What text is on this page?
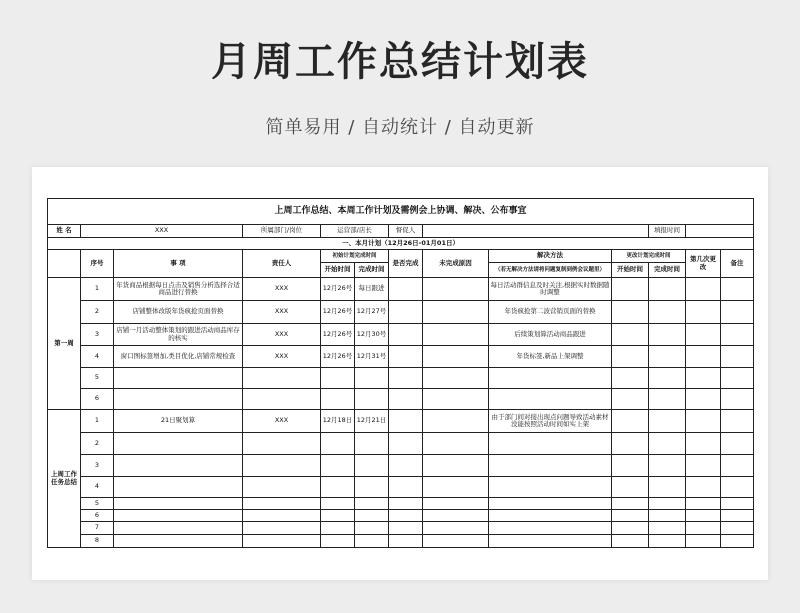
月周工作总结计划表
简单易用 / 自动统计 / 自动更新
上周工作总结、本周工作计划及需例会上协调、解决、公布事宜												
姓 名	XXX		所属部门/岗位	运营部/店长		督促人				填报时间		
一、本月计划（12月26日-01月01日）												
	序号	事 项	责任人	初始计划完成时间		是否完成	未完成原因	解决方法	更改计划完成时间		第几次更改	备注
				开始时间	完成时间			（若无解决方法请将问题复制到例会议题里）	开始时间	完成时间		
第一周	1	年货商品根据每日点击及销售分析选择合适商品进行替换	XXX	12月26号	每日跟进			每日活动群信息及时关注,根据实时数据随时调整				
	2	店铺整体改版年货疯抢页面替换	XXX	12月26号	12月27号			年货疯抢第二波营销页面的替换				
	3	店铺一月活动整体策划的跟进活动商品库存的核实	XXX	12月26号	12月30号			后续策划算活动商品跟进				
	4	窗口图标签增加,类目优化,店铺常规检查	XXX	12月26号	12月31号			年货标签,新品上架调整				
	5											
	6											
上周工作任务总结	1	21日聚划算	XXX	12月18日	12月21日			由于部门间对接出现点问题导致活动素材没能按照活动时间如实上架				
	2											
	3											
	4											
	5											
	6											
	7											
	8											
